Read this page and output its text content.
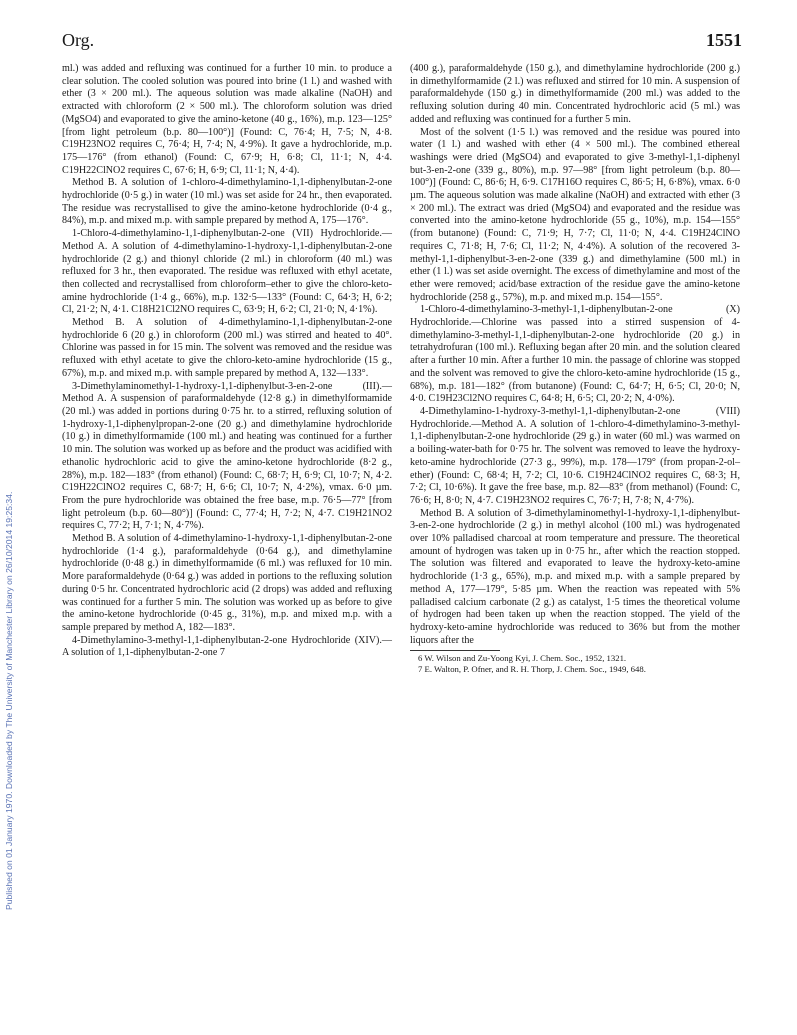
Published on 01 January 1970. Downloaded by The University of Manchester Library on 26/10/2014 19:25:34.
Org.	1551

ml.) was added and refluxing was continued for a further 10 min. to produce a clear solution. The cooled solution was poured into brine (1 l.) and washed with ether (3 × 200 ml.). The aqueous solution was made alkaline (NaOH) and extracted with chloroform (2 × 500 ml.). The chloroform solution was dried (MgSO4) and evaporated to give the amino-ketone (40 g., 16%), m.p. 123—125° [from light petroleum (b.p. 80—100°)] (Found: C, 76·4; H, 7·5; N, 4·8. C19H23NO2 requires C, 76·4; H, 7·4; N, 4·9%). It gave a hydrochloride, m.p. 175—176° (from ethanol) (Found: C, 67·9; H, 6·8; Cl, 11·1; N, 4·4. C19H22ClNO2 requires C, 67·6; H, 6·9; Cl, 11·1; N, 4·4).

Method B. A solution of 1-chloro-4-dimethylamino-1,1-diphenylbutan-2-one hydrochloride (0·5 g.) in water (10 ml.) was set aside for 24 hr., then evaporated. The residue was recrystallised to give the amino-ketone hydrochloride (0·4 g., 84%), m.p. and mixed m.p. with sample prepared by method A, 175—176°.

1-Chloro-4-dimethylamino-1,1-diphenylbutan-2-one (VII) Hydrochloride.—Method A. A solution of 4-dimethylamino-1-hydroxy-1,1-diphenylbutan-2-one hydrochloride (2 g.) and thionyl chloride (2 ml.) in chloroform (40 ml.) was refluxed for 3 hr., then evaporated. The residue was refluxed with ethyl acetate, then collected and recrystallised from chloroform–ether to give the chloro-keto-amine hydrochloride (1·4 g., 66%), m.p. 132·5—133° (Found: C, 64·3; H, 6·2; Cl, 21·2; N, 4·1. C18H21Cl2NO requires C, 63·9; H, 6·2; Cl, 21·0; N, 4·1%).

Method B. A solution of 4-dimethylamino-1,1-diphenylbutan-2-one hydrochloride 6 (20 g.) in chloroform (200 ml.) was stirred and heated to 40°. Chlorine was passed in for 15 min. The solvent was removed and the residue was refluxed with ethyl acetate to give the chloro-keto-amine hydrochloride (15 g., 67%), m.p. and mixed m.p. with sample prepared by method A, 132—133°.

3-Dimethylaminomethyl-1-hydroxy-1,1-diphenylbut-3-en-2-one (III).—Method A. A suspension of paraformaldehyde (12·8 g.) in dimethylformamide (20 ml.) was added in portions during 0·75 hr. to a stirred, refluxing solution of 1-hydroxy-1,1-diphenylpropan-2-one (20 g.) and dimethylamine hydrochloride (10 g.) in dimethylformamide (100 ml.) and heating was continued for a further 10 min. The solution was worked up as before and the product was acidified with ethanolic hydrochloric acid to give the amino-ketone hydrochloride (8·2 g., 28%), m.p. 182—183° (from ethanol) (Found: C, 68·7; H, 6·9; Cl, 10·7; N, 4·2. C19H22ClNO2 requires C, 68·7; H, 6·6; Cl, 10·7; N, 4·2%), νmax. 6·0 µm. From the pure hydrochloride was obtained the free base, m.p. 76·5—77° [from light petroleum (b.p. 60—80°)] (Found: C, 77·4; H, 7·2; N, 4·7. C19H21NO2 requires C, 77·2; H, 7·1; N, 4·7%).

Method B. A solution of 4-dimethylamino-1-hydroxy-1,1-diphenylbutan-2-one hydrochloride (1·4 g.), paraformaldehyde (0·64 g.), and dimethylamine hydrochloride (0·48 g.) in dimethylformamide (6 ml.) was refluxed for 10 min. More paraformaldehyde (0·64 g.) was added in portions to the refluxing solution during 0·5 hr. Concentrated hydrochloric acid (2 drops) was added and refluxing was continued for a further 5 min. The solution was worked up as before to give the amino-ketone hydrochloride (0·45 g., 31%), m.p. and mixed m.p. with a sample prepared by method A, 182—183°.

4-Dimethylamino-3-methyl-1,1-diphenylbutan-2-one Hydrochloride (XIV).—A solution of 1,1-diphenylbutan-2-one 7

(400 g.), paraformaldehyde (150 g.), and dimethylamine hydrochloride (200 g.) in dimethylformamide (2 l.) was refluxed and stirred for 10 min. A suspension of paraformaldehyde (150 g.) in dimethylformamide (200 ml.) was added to the refluxing solution during 40 min. Concentrated hydrochloric acid (5 ml.) was added and refluxing was continued for a further 5 min.

Most of the solvent (1·5 l.) was removed and the residue was poured into water (1 l.) and washed with ether (4 × 500 ml.). The combined ethereal washings were dried (MgSO4) and evaporated to give 3-methyl-1,1-diphenyl but-3-en-2-one (339 g., 80%), m.p. 97—98° [from light petroleum (b.p. 80—100°)] (Found: C, 86·6; H, 6·9. C17H16O requires C, 86·5; H, 6·8%), νmax. 6·0 µm. The aqueous solution was made alkaline (NaOH) and extracted with ether (3 × 200 ml.). The extract was dried (MgSO4) and evaporated and the residue was converted into the amino-ketone hydrochloride (55 g., 10%), m.p. 154—155° (from butanone) (Found: C, 71·9; H, 7·7; Cl, 11·0; N, 4·4. C19H24ClNO requires C, 71·8; H, 7·6; Cl, 11·2; N, 4·4%). A solution of the recovered 3-methyl-1,1-diphenylbut-3-en-2-one (339 g.) and dimethylamine (500 ml.) in ether (1 l.) was set aside overnight. The excess of dimethylamine and most of the ether were removed; acid/base extraction of the residue gave the amino-ketone hydrochloride (258 g., 57%), m.p. and mixed m.p. 154—155°.

1-Chloro-4-dimethylamino-3-methyl-1,1-diphenylbutan-2-one (X) Hydrochloride.—Chlorine was passed into a stirred suspension of 4-dimethylamino-3-methyl-1,1-diphenylbutan-2-one hydrochloride (20 g.) in tetrahydrofuran (100 ml.). Refluxing began after 20 min. and the solution cleared after a further 10 min. After a further 10 min. the passage of chlorine was stopped and the solvent was removed to give the chloro-keto-amine hydrochloride (15 g., 68%), m.p. 181—182° (from butanone) (Found: C, 64·7; H, 6·5; Cl, 20·0; N, 4·0. C19H23Cl2NO requires C, 64·8; H, 6·5; Cl, 20·2; N, 4·0%).

4-Dimethylamino-1-hydroxy-3-methyl-1,1-diphenylbutan-2-one (VIII) Hydrochloride.—Method A. A solution of 1-chloro-4-dimethylamino-3-methyl-1,1-diphenylbutan-2-one hydrochloride (29 g.) in water (60 ml.) was warmed on a boiling-water-bath for 0·75 hr. The solvent was removed to leave the hydroxy-keto-amine hydrochloride (27·3 g., 99%), m.p. 178—179° (from propan-2-ol–ether) (Found: C, 68·4; H, 7·2; Cl, 10·6. C19H24ClNO2 requires C, 68·3; H, 7·2; Cl, 10·6%). It gave the free base, m.p. 82—83° (from methanol) (Found: C, 76·6; H, 8·0; N, 4·7. C19H23NO2 requires C, 76·7; H, 7·8; N, 4·7%).

Method B. A solution of 3-dimethylaminomethyl-1-hydroxy-1,1-diphenylbut-3-en-2-one hydrochloride (2 g.) in methyl alcohol (100 ml.) was hydrogenated over 10% palladised charcoal at room temperature and pressure. The theoretical amount of hydrogen was taken up in 0·75 hr., after which the reaction stopped. The solution was filtered and evaporated to leave the hydroxy-keto-amine hydrochloride (1·3 g., 65%), m.p. and mixed m.p. with a sample prepared by method A, 177—179°, 5·85 µm. When the reaction was repeated with 5% palladised calcium carbonate (2 g.) as catalyst, 1·5 times the theoretical volume of hydrogen had been taken up when the reaction stopped. The yield of the hydroxy-keto-amine hydrochloride was reduced to 36% but from the mother liquors after the

6 W. Wilson and Zu-Yoong Kyi, J. Chem. Soc., 1952, 1321.

7 E. Walton, P. Ofner, and R. H. Thorp, J. Chem. Soc., 1949, 648.
